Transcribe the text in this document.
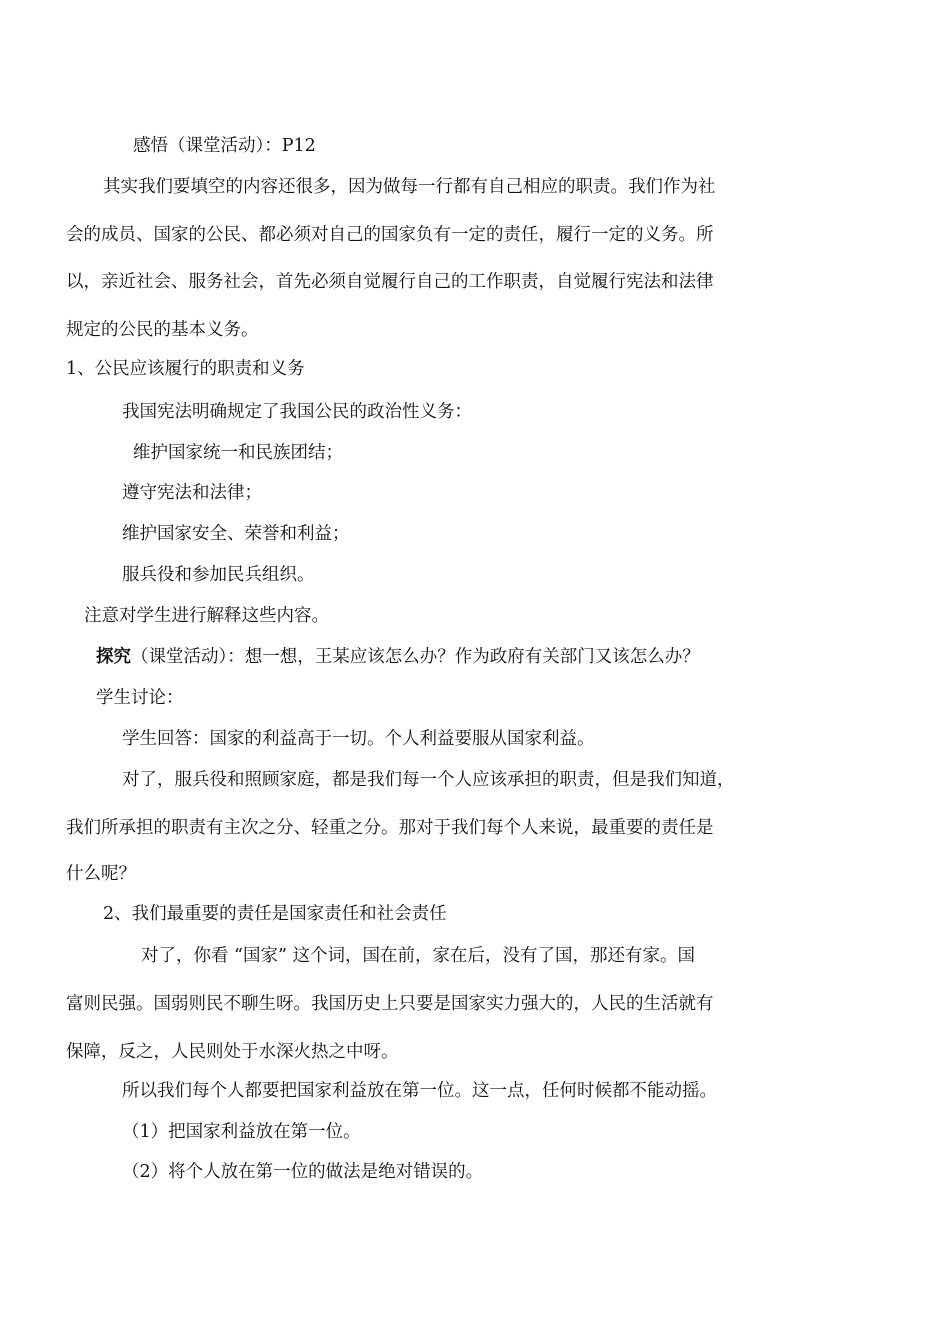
感悟（课堂活动）：P12
其实我们要填空的内容还很多，因为做每一行都有自己相应的职责。我们作为社
会的成员、国家的公民、都必须对自己的国家负有一定的责任，履行一定的义务。所
以，亲近社会、服务社会，首先必须自觉履行自己的工作职责，自觉履行宪法和法律
规定的公民的基本义务。
1、公民应该履行的职责和义务
我国宪法明确规定了我国公民的政治性义务：
维护国家统一和民族团结；
遵守宪法和法律；
维护国家安全、荣誉和利益；
服兵役和参加民兵组织。
注意对学生进行解释这些内容。
探究（课堂活动）：想一想，王某应该怎么办？作为政府有关部门又该怎么办？
学生讨论：
学生回答：国家的利益高于一切。个人利益要服从国家利益。
对了，服兵役和照顾家庭，都是我们每一个人应该承担的职责，但是我们知道，
我们所承担的职责有主次之分、轻重之分。那对于我们每个人来说，最重要的责任是
什么呢？
2、我们最重要的责任是国家责任和社会责任
对了，你看 “国家” 这个词，国在前，家在后，没有了国，那还有家。国
富则民强。国弱则民不聊生呀。我国历史上只要是国家实力强大的，人民的生活就有
保障，反之，人民则处于水深火热之中呀。
所以我们每个人都要把国家利益放在第一位。这一点，任何时候都不能动摇。
（1）把国家利益放在第一位。
（2）将个人放在第一位的做法是绝对错误的。
